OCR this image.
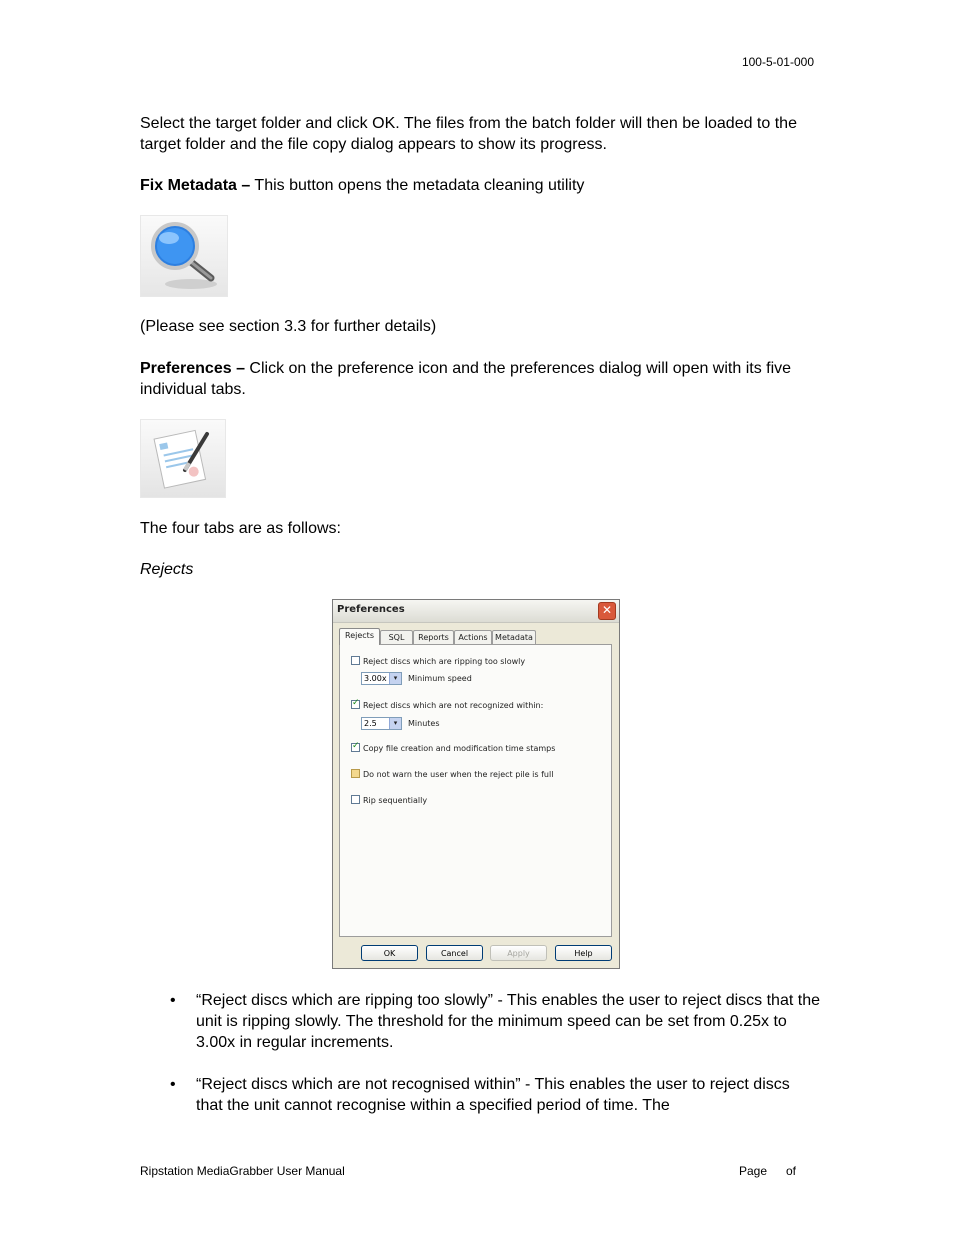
100-5-01-000
Select the target folder and click OK. The files from the batch folder will then be loaded to the target folder and the file copy dialog appears to show its progress.
Fix Metadata – This button opens the metadata cleaning utility
(Please see section 3.3 for further details)
Preferences – Click on the preference icon and the preferences dialog will open with its five individual tabs.
The four tabs are as follows:
Rejects
Preferences	✕
Rejects	SQL	Reports	Actions Metadata
Reject discs which are ripping too slowly
3.00x	▾	Minimum speed
✓
Reject discs which are not recognized within:
2.5	▾	Minutes
✓
Copy file creation and modification time stamps
Do not warn the user when the reject pile is full
Rip sequentially
OK	Cancel	Apply	Help
• “Reject discs which are ripping too slowly” - This enables the user to reject discs that the unit is ripping slowly. The threshold for the minimum speed can be set from 0.25x to 3.00x in regular increments.
• “Reject discs which are not recognised within” - This enables the user to reject discs that the unit cannot recognise within a specified period of time. The
Ripstation MediaGrabber User Manual	Page of
